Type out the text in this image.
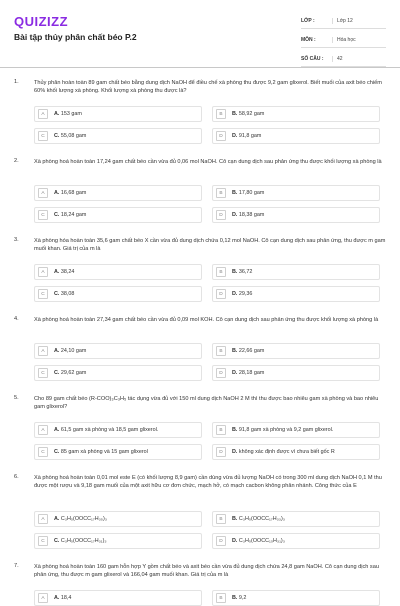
QUIZIZZ
Bài tập thủy phân chất béo P.2
LỚP :	Lớp 12
MÔN :	Hóa học
SỐ CÂU :	42
1.	Thủy phân hoàn toàn 89 gam chất béo bằng dung dịch NaOH để điều chế xà phòng thu được 9,2 gam glixerol. Biết muối của axit béo chiếm 60% khối lượng xà phòng. Khối lượng xà phòng thu được là?
A	A. 153 gam	B	B. 58,92 gam
C	C. 55,08 gam	D	D. 91,8 gam
2.	Xà phòng hoá hoàn toàn 17,24 gam chất béo cần vừa đủ 0,06 mol NaOH. Cô cạn dung dịch sau phản ứng thu được khối lượng xà phòng là
A	A. 16,68 gam	B	B. 17,80 gam
C	C. 18,24 gam	D	D. 18,38 gam
3.	Xà phòng hóa hoàn toàn 35,6 gam chất béo X cần vừa đủ dung dịch chứa 0,12 mol NaOH. Cô cạn dung dịch sau phản ứng, thu được m gam muối khan. Giá trị của m là
A	A. 38,24	B	B. 36,72
C	C. 38,08	D	D. 29,36
4.	Xà phòng hoá hoàn toàn 27,34 gam chất béo cần vừa đủ 0,09 mol KOH. Cô cạn dung dịch sau phản ứng thu được khối lượng xà phòng là
A	A. 24,10 gam	B	B. 22,66 gam
C	C. 29,62 gam	D	D. 28,18 gam
5.	Cho 89 gam chất béo (R-COO)₃C₃H₅ tác dụng vừa đủ với 150 ml dung dịch NaOH 2 M thì thu được bao nhiêu gam xà phòng và bao nhiêu gam glixerol?
A	A. 61,5 gam xà phòng và 18,5 gam glixerol.	B	B. 91,8 gam xà phòng và 9,2 gam glixerol.
C	C. 85 gam xà phòng và 15 gam glixerol	D	D. không xác định được vì chưa biết gốc R
6.	Xà phòng hoá hoàn toàn 0,01 mol este E (có khối lượng 8,9 gam) cần dùng vừa đủ lượng NaOH có trong 300 ml dung dịch NaOH 0,1 M thu được một rượu và 9,18 gam muối của một axit hữu cơ đơn chức, mạch hở, có mạch cacbon không phân nhánh. Công thức của E
A	A. C₃H₅(OOCC₁₇H₃₅)₃	B	B. C₃H₅(OOCC₁₇H₃₃)₃
C	C. C₃H₅(OOCC₁₇H₃₁)₃	D	D. C₃H₅(OOCC₁₅H₃₁)₃
7.	Xà phòng hoá hoàn toàn 160 gam hỗn hợp Y gồm chất béo và axit béo cần vừa đủ dung dịch chứa 24,8 gam NaOH. Cô cạn dung dịch sau phản ứng, thu được m gam glixerol và 166,04 gam muối khan. Giá trị của m là
A	A. 18,4	B	B. 9,2
